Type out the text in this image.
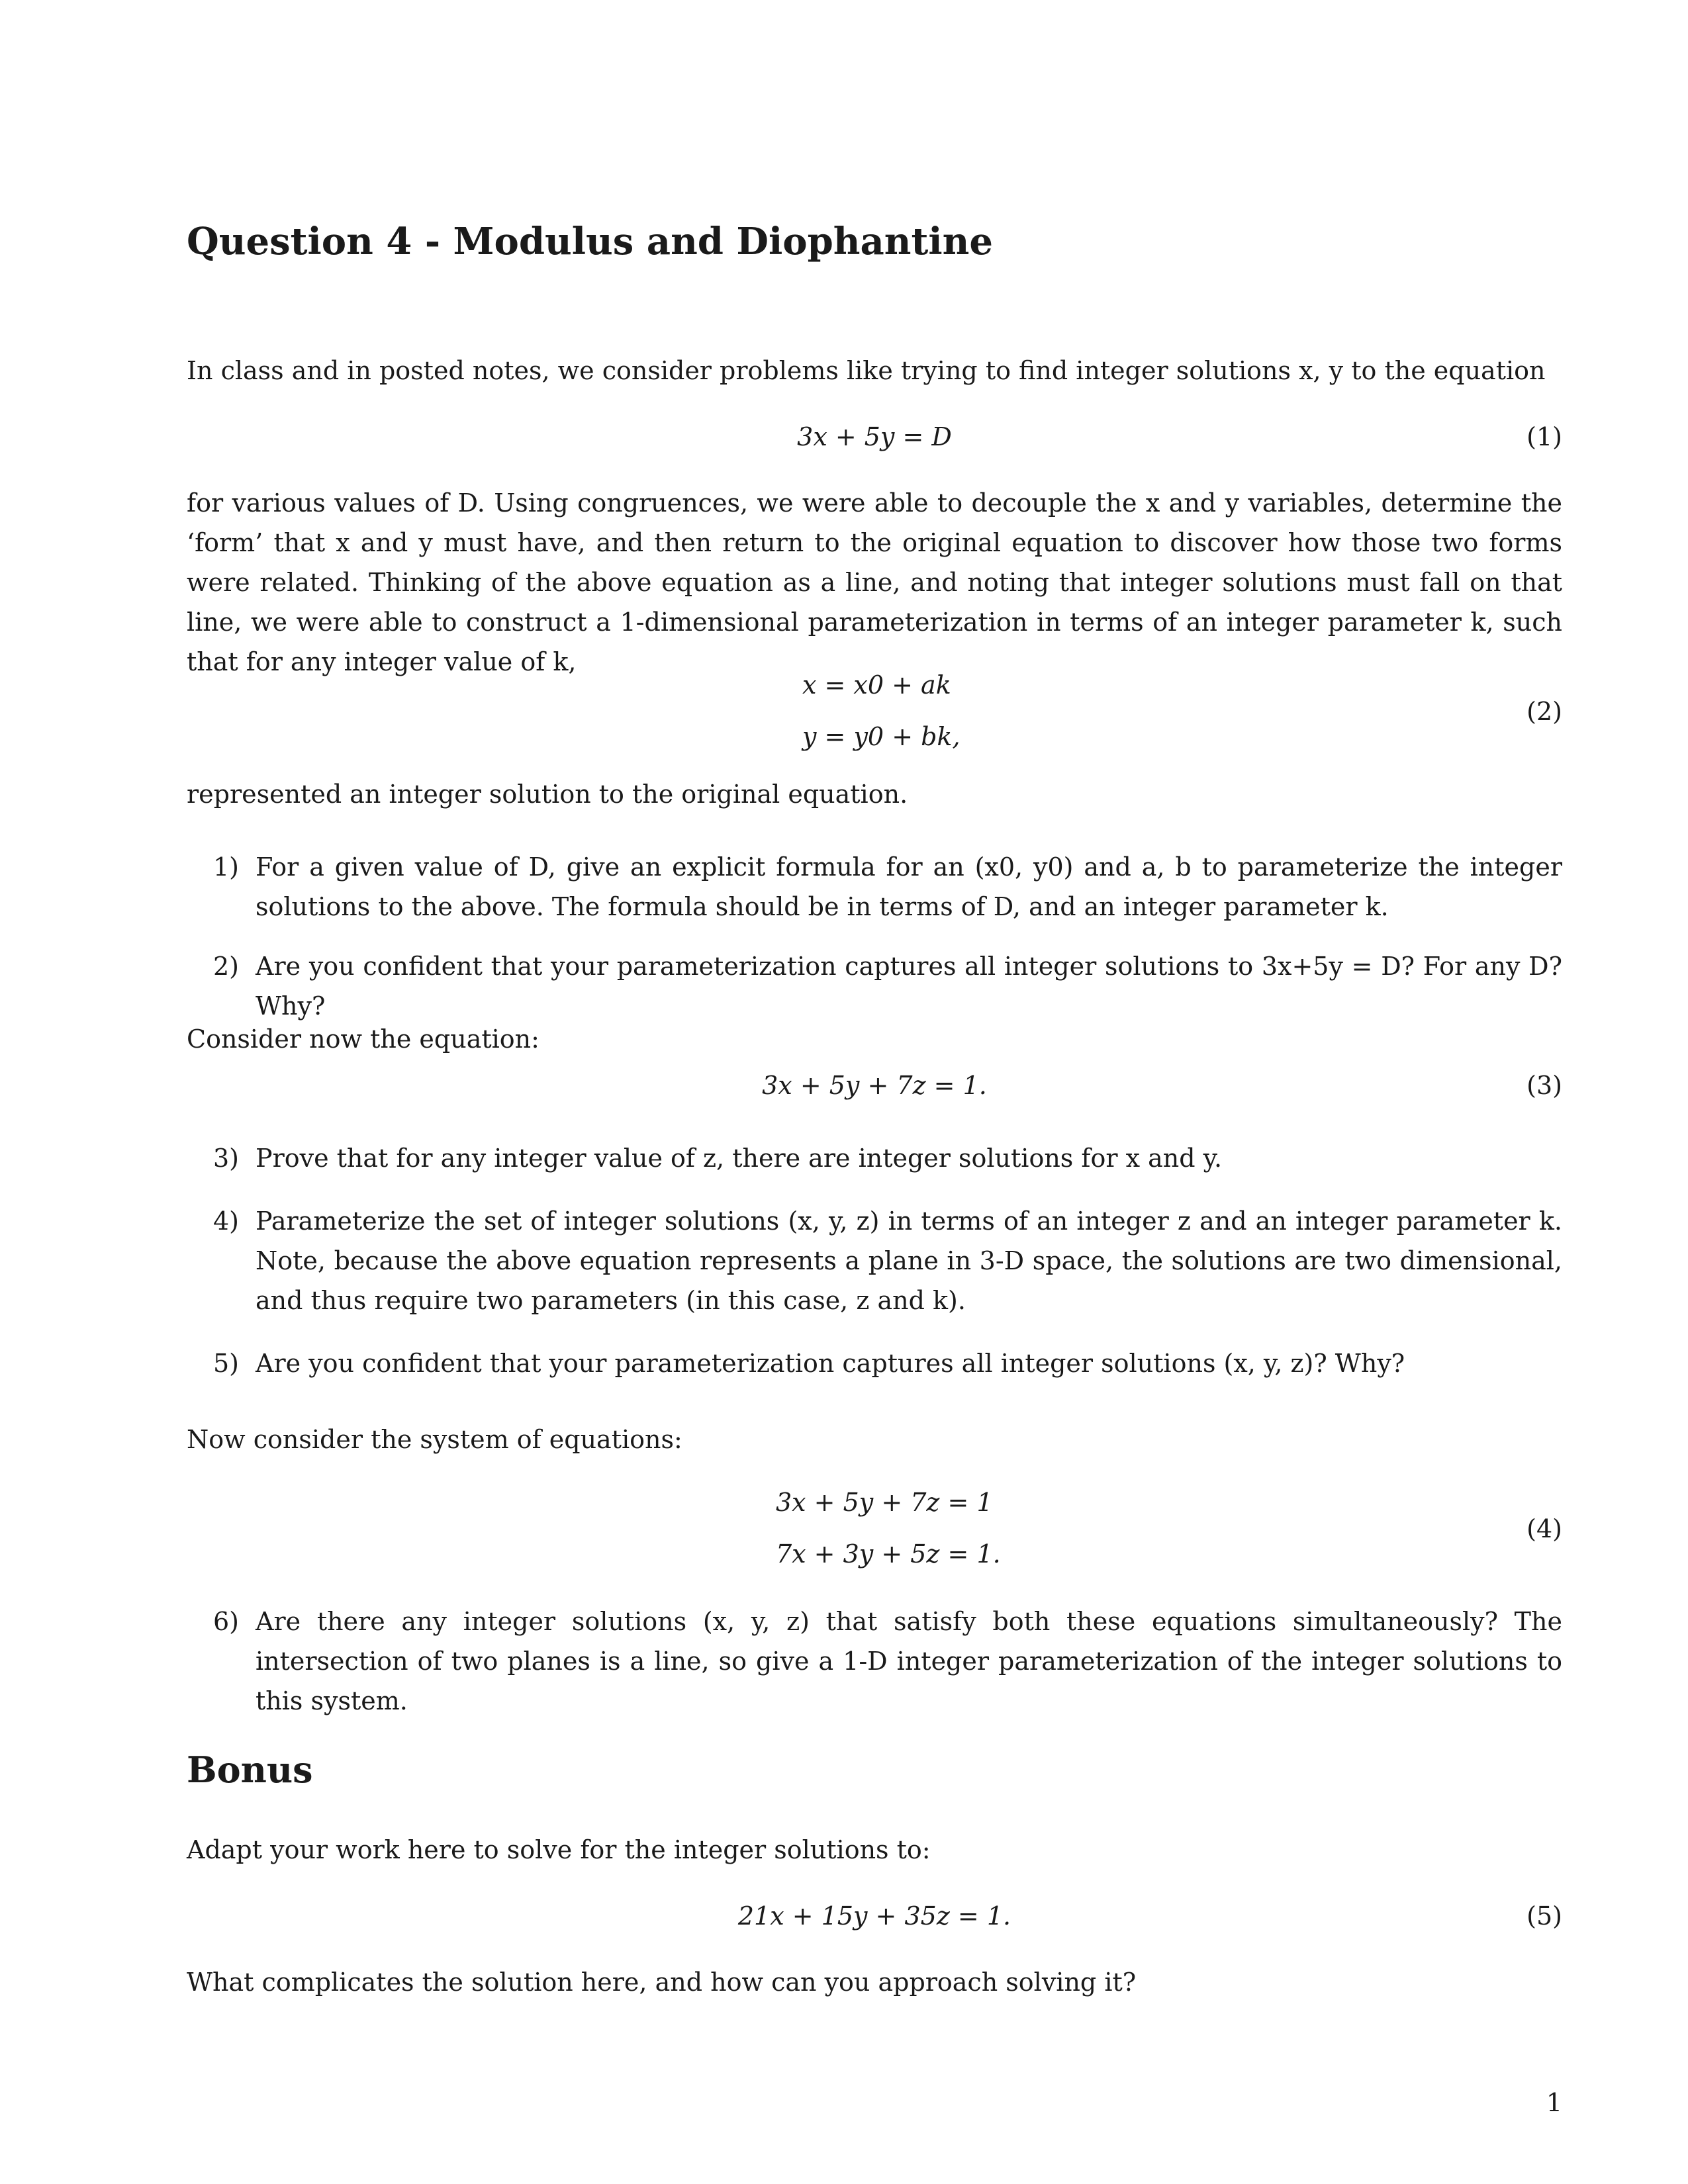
Question 4 - Modulus and Diophantine

In class and in posted notes, we consider problems like trying to find integer solutions x, y to the equation

3x + 5y = D	(1)

for various values of D. Using congruences, we were able to decouple the x and y variables, determine the ‘form’ that x and y must have, and then return to the original equation to discover how those two forms were related. Thinking of the above equation as a line, and noting that integer solutions must fall on that line, we were able to construct a 1-dimensional parameterization in terms of an integer parameter k, such that for any integer value of k,

x = x0 + ak
y = y0 + bk,
(2)

represented an integer solution to the original equation.

1) For a given value of D, give an explicit formula for an (x0, y0) and a, b to parameterize the integer solutions to the above. The formula should be in terms of D, and an integer parameter k.
2) Are you confident that your parameterization captures all integer solutions to 3x+5y = D? For any D? Why?

Consider now the equation:

3x + 5y + 7z = 1.	(3)
3) Prove that for any integer value of z, there are integer solutions for x and y.
4) Parameterize the set of integer solutions (x, y, z) in terms of an integer z and an integer parameter k. Note, because the above equation represents a plane in 3-D space, the solutions are two dimensional, and thus require two parameters (in this case, z and k).
5) Are you confident that your parameterization captures all integer solutions (x, y, z)? Why?

Now consider the system of equations:

3x + 5y + 7z = 1
7x + 3y + 5z = 1.
(4)
6) Are there any integer solutions (x, y, z) that satisfy both these equations simultaneously? The intersection of two planes is a line, so give a 1-D integer parameterization of the integer solutions to this system.
Bonus

Adapt your work here to solve for the integer solutions to:

21x + 15y + 35z = 1.	(5)

What complicates the solution here, and how can you approach solving it?

1
